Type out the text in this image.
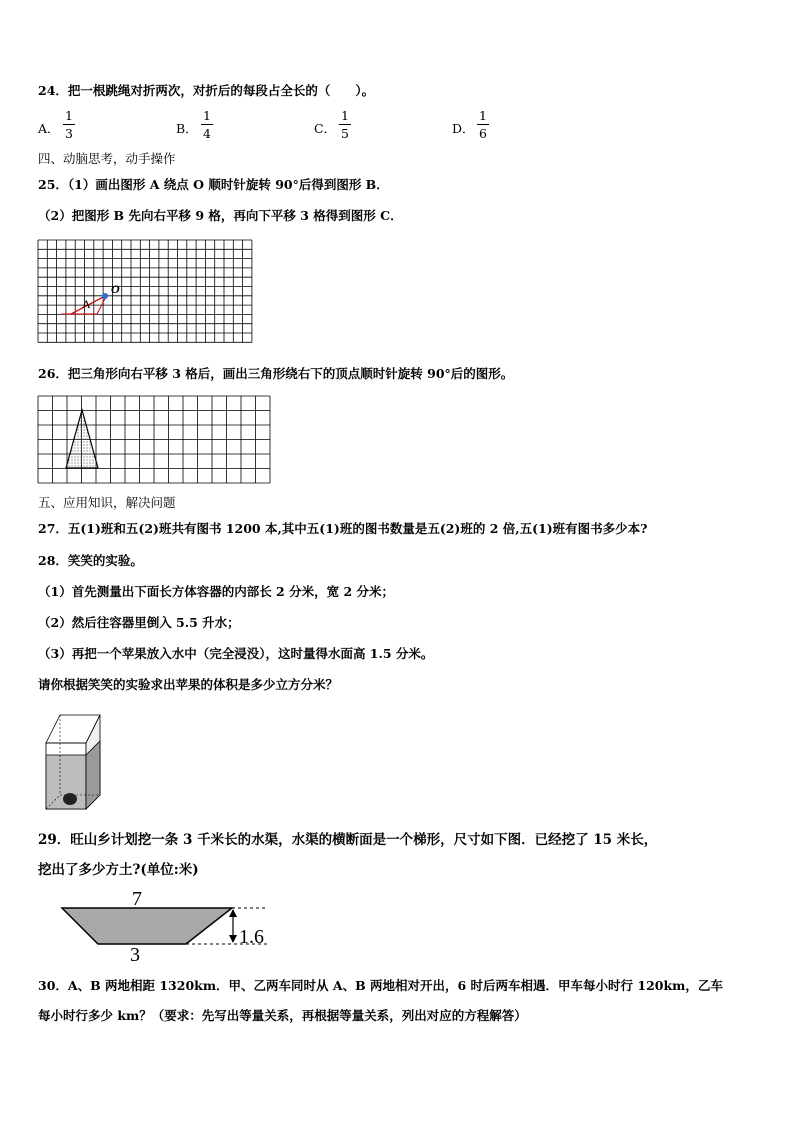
24．把一根跳绳对折两次，对折后的每段占全长的（　　）。
A．
1
3	B．
1
4	C．
1
5	D．
1
6
四、动脑思考，动手操作
25．（1）画出图形 A 绕点 O 顺时针旋转 90°后得到图形 B．
（2）把图形 B 先向右平移 9 格，再向下平移 3 格得到图形 C．
A
O
26．把三角形向右平移 3 格后，画出三角形绕右下的顶点顺时针旋转 90°后的图形。
五、应用知识，解决问题
27．五(1)班和五(2)班共有图书 1200 本,其中五(1)班的图书数量是五(2)班的 2 倍,五(1)班有图书多少本?
28．笑笑的实验。
（1）首先测量出下面长方体容器的内部长 2 分米，宽 2 分米；
（2）然后往容器里倒入 5.5 升水；
（3）再把一个苹果放入水中（完全浸没），这时量得水面高 1.5 分米。
请你根据笑笑的实验求出苹果的体积是多少立方分米？
29．旺山乡计划挖一条 3 千米长的水渠，水渠的横断面是一个梯形，尺寸如下图．已经挖了 15 米长，
挖出了多少方土?(单位:米)
7
3
1.6
30．A、B 两地相距 1320km．甲、乙两车同时从 A、B 两地相对开出，6 时后两车相遇．甲车每小时行 120km，乙车
每小时行多少 km？（要求：先写出等量关系，再根据等量关系，列出对应的方程解答）
